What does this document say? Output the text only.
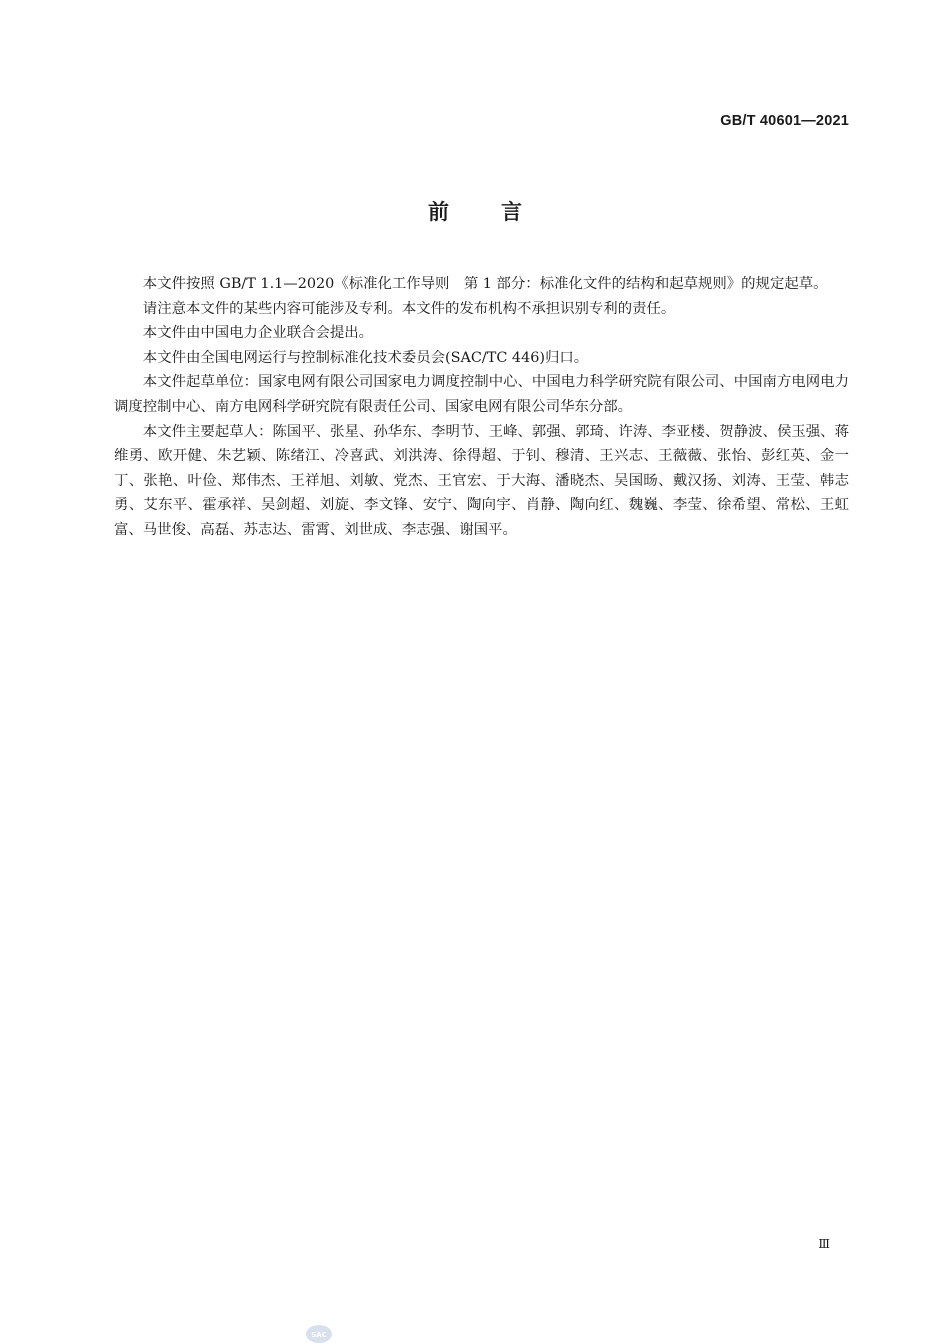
GB/T 40601—2021
前言

本文件按照 GB/T 1.1—2020《标准化工作导则　第 1 部分：标准化文件的结构和起草规则》的规定起草。

请注意本文件的某些内容可能涉及专利。本文件的发布机构不承担识别专利的责任。

本文件由中国电力企业联合会提出。

本文件由全国电网运行与控制标准化技术委员会(SAC/TC 446)归口。

本文件起草单位：国家电网有限公司国家电力调度控制中心、中国电力科学研究院有限公司、中国南方电网电力调度控制中心、南方电网科学研究院有限责任公司、国家电网有限公司华东分部。

本文件主要起草人：陈国平、张星、孙华东、李明节、王峰、郭强、郭琦、许涛、李亚楼、贺静波、侯玉强、蒋维勇、欧开健、朱艺颖、陈绪江、冷喜武、刘洪涛、徐得超、于钊、穆清、王兴志、王薇薇、张怡、彭红英、金一丁、张艳、叶俭、郑伟杰、王祥旭、刘敏、党杰、王官宏、于大海、潘晓杰、吴国旸、戴汉扬、刘涛、王莹、韩志勇、艾东平、霍承祥、吴剑超、刘旋、李文锋、安宁、陶向宇、肖静、陶向红、魏巍、李莹、徐希望、常松、王虹富、马世俊、高磊、苏志达、雷霄、刘世成、李志强、谢国平。

Ⅲ
SAC
